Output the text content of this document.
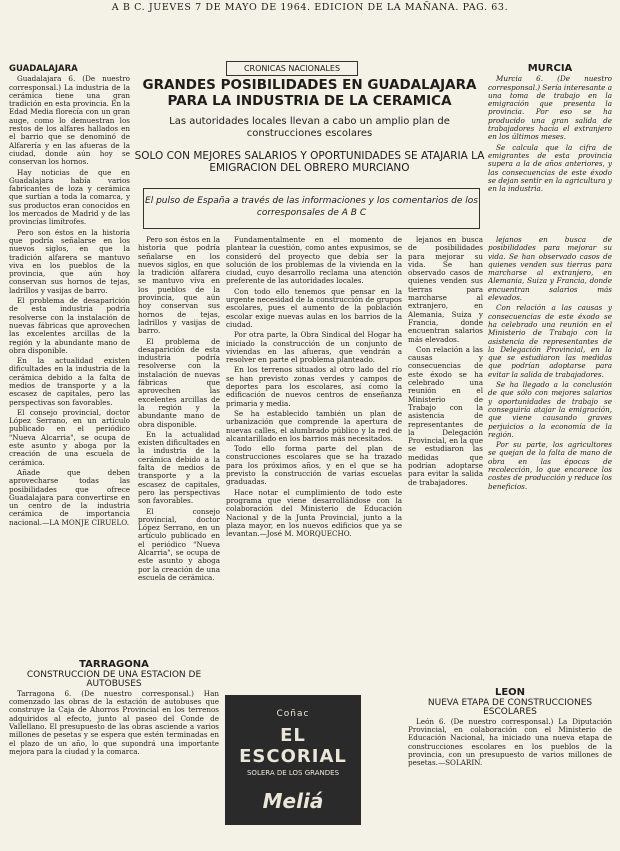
A B C. JUEVES 7 DE MAYO DE 1964. EDICION DE LA MAÑANA. PAG. 63.
GUADALAJARA

Guadalajara 6. (De nuestro corresponsal.) La industria de la cerámica tiene una gran tradición en esta provincia. En la Edad Media florecía con un gran auge, como lo demuestran los restos de los alfares hallados en el barrio que se denominó de Alfarería y en las afueras de la ciudad, donde aún hoy se conservan los hornos.

Hay noticias de que en Guadalajara había varios fabricantes de loza y cerámica que surtían a toda la comarca, y sus productos eran conocidos en los mercados de Madrid y de las provincias limítrofes.

Pero son éstos en la historia que podría señalarse en los nuevos siglos, en que la tradición alfarera se mantuvo viva en los pueblos de la provincia, que aún hoy conservan sus hornos de tejas, ladrillos y vasijas de barro.

El problema de desaparición de esta industria podría resolverse con la instalación de nuevas fábricas que aprovechen las excelentes arcillas de la región y la abundante mano de obra disponible.

En la actualidad existen dificultades en la industria de la cerámica debido a la falta de medios de transporte y a la escasez de capitales, pero las perspectivas son favorables.

El consejo provincial, doctor López Serrano, en un artículo publicado en el periódico "Nueva Alcarria", se ocupa de este asunto y aboga por la creación de una escuela de cerámica.

Añade que deben aprovecharse todas las posibilidades que ofrece Guadalajara para convertirse en un centro de la industria cerámica de importancia nacional.—LA MONJE CIRUELO.

TARRAGONA
CONSTRUCCION DE UNA ESTACION DE AUTOBUSES

Tarragona 6. (De nuestro corresponsal.) Han comenzado las obras de la estación de autobuses que construye la Caja de Ahorros Provincial en los terrenos adquiridos al efecto, junto al paseo del Conde de Vallellano. El presupuesto de las obras asciende a varios millones de pesetas y se espera que estén terminadas en el plazo de un año, lo que supondrá una importante mejora para la ciudad y la comarca.

CRONICAS NACIONALES
GRANDES POSIBILIDADES EN GUADALAJARA PARA LA INDUSTRIA DE LA CERAMICA
Las autoridades locales llevan a cabo un amplio plan de construcciones escolares
SOLO CON MEJORES SALARIOS Y OPORTUNIDADES SE ATAJARIA LA EMIGRACION DEL OBRERO MURCIANO
El pulso de España a través de las informaciones y los comentarios de los corresponsales de A B C

Pero son éstos en la historia que podría señalarse en los nuevos siglos, en que la tradición alfarera se mantuvo viva en los pueblos de la provincia, que aún hoy conservan sus hornos de tejas, ladrillos y vasijas de barro.

El problema de desaparición de esta industria podría resolverse con la instalación de nuevas fábricas que aprovechen las excelentes arcillas de la región y la abundante mano de obra disponible.

En la actualidad existen dificultades en la industria de la cerámica debido a la falta de medios de transporte y a la escasez de capitales, pero las perspectivas son favorables.

El consejo provincial, doctor López Serrano, en un artículo publicado en el periódico "Nueva Alcarria", se ocupa de este asunto y aboga por la creación de una escuela de cerámica.

Fundamentalmente en el momento de plantear la cuestión, como antes expusimos, se consideró del proyecto que debía ser la solución de los problemas de la vivienda en la ciudad, cuyo desarrollo reclama una atención preferente de las autoridades locales.

Con todo ello tenemos que pensar en la urgente necesidad de la construcción de grupos escolares, pues el aumento de la población escolar exige nuevas aulas en los barrios de la ciudad.

Por otra parte, la Obra Sindical del Hogar ha iniciado la construcción de un conjunto de viviendas en las afueras, que vendrán a resolver en parte el problema planteado.

En los terrenos situados al otro lado del río se han previsto zonas verdes y campos de deportes para los escolares, así como la edificación de nuevos centros de enseñanza primaria y media.

Se ha establecido también un plan de urbanización que comprende la apertura de nuevas calles, el alumbrado público y la red de alcantarillado en los barrios más necesitados.

Todo ello forma parte del plan de construcciones escolares que se ha trazado para los próximos años, y en el que se ha previsto la construcción de varias escuelas graduadas.

Hace notar el cumplimiento de todo este programa que viene desarrollándose con la colaboración del Ministerio de Educación Nacional y de la Junta Provincial, junto a la plaza mayor, en los nuevos edificios que ya se levantan.—José M. MORQUECHO.

lejanos en busca de posibilidades para mejorar su vida. Se han observado casos de quienes venden sus tierras para marcharse al extranjero, en Alemania, Suiza y Francia, donde encuentran salarios más elevados.

Con relación a las causas y consecuencias de este éxodo se ha celebrado una reunión en el Ministerio de Trabajo con la asistencia de representantes de la Delegación Provincial, en la que se estudiaron las medidas que podrían adoptarse para evitar la salida de trabajadores.

Coñac
EL ESCORIAL
SOLERA DE LOS GRANDES
Meliá
MURCIA

Murcia 6. (De nuestro corresponsal.) Sería interesante a una toma de trabajo en la emigración que presenta la provincia. Por eso se ha producido una gran salida de trabajadores hacia el extranjero en los últimos meses.

Se calcula que la cifra de emigrantes de esta provincia supera a la de años anteriores, y las consecuencias de este éxodo se dejan sentir en la agricultura y en la industria.

lejanos en busca de posibilidades para mejorar su vida. Se han observado casos de quienes venden sus tierras para marcharse al extranjero, en Alemania, Suiza y Francia, donde encuentran salarios más elevados.

Con relación a las causas y consecuencias de este éxodo se ha celebrado una reunión en el Ministerio de Trabajo con la asistencia de representantes de la Delegación Provincial, en la que se estudiaron las medidas que podrían adoptarse para evitar la salida de trabajadores.

Se ha llegado a la conclusión de que sólo con mejores salarios y oportunidades de trabajo se conseguiría atajar la emigración, que viene causando graves perjuicios a la economía de la región.

Por su parte, los agricultores se quejan de la falta de mano de obra en las épocas de recolección, lo que encarece los costes de producción y reduce los beneficios.

LEON
NUEVA ETAPA DE CONSTRUCCIONES ESCOLARES

León 6. (De nuestro corresponsal.) La Diputación Provincial, en colaboración con el Ministerio de Educación Nacional, ha iniciado una nueva etapa de construcciones escolares en los pueblos de la provincia, con un presupuesto de varios millones de pesetas.—SOLARIN.
